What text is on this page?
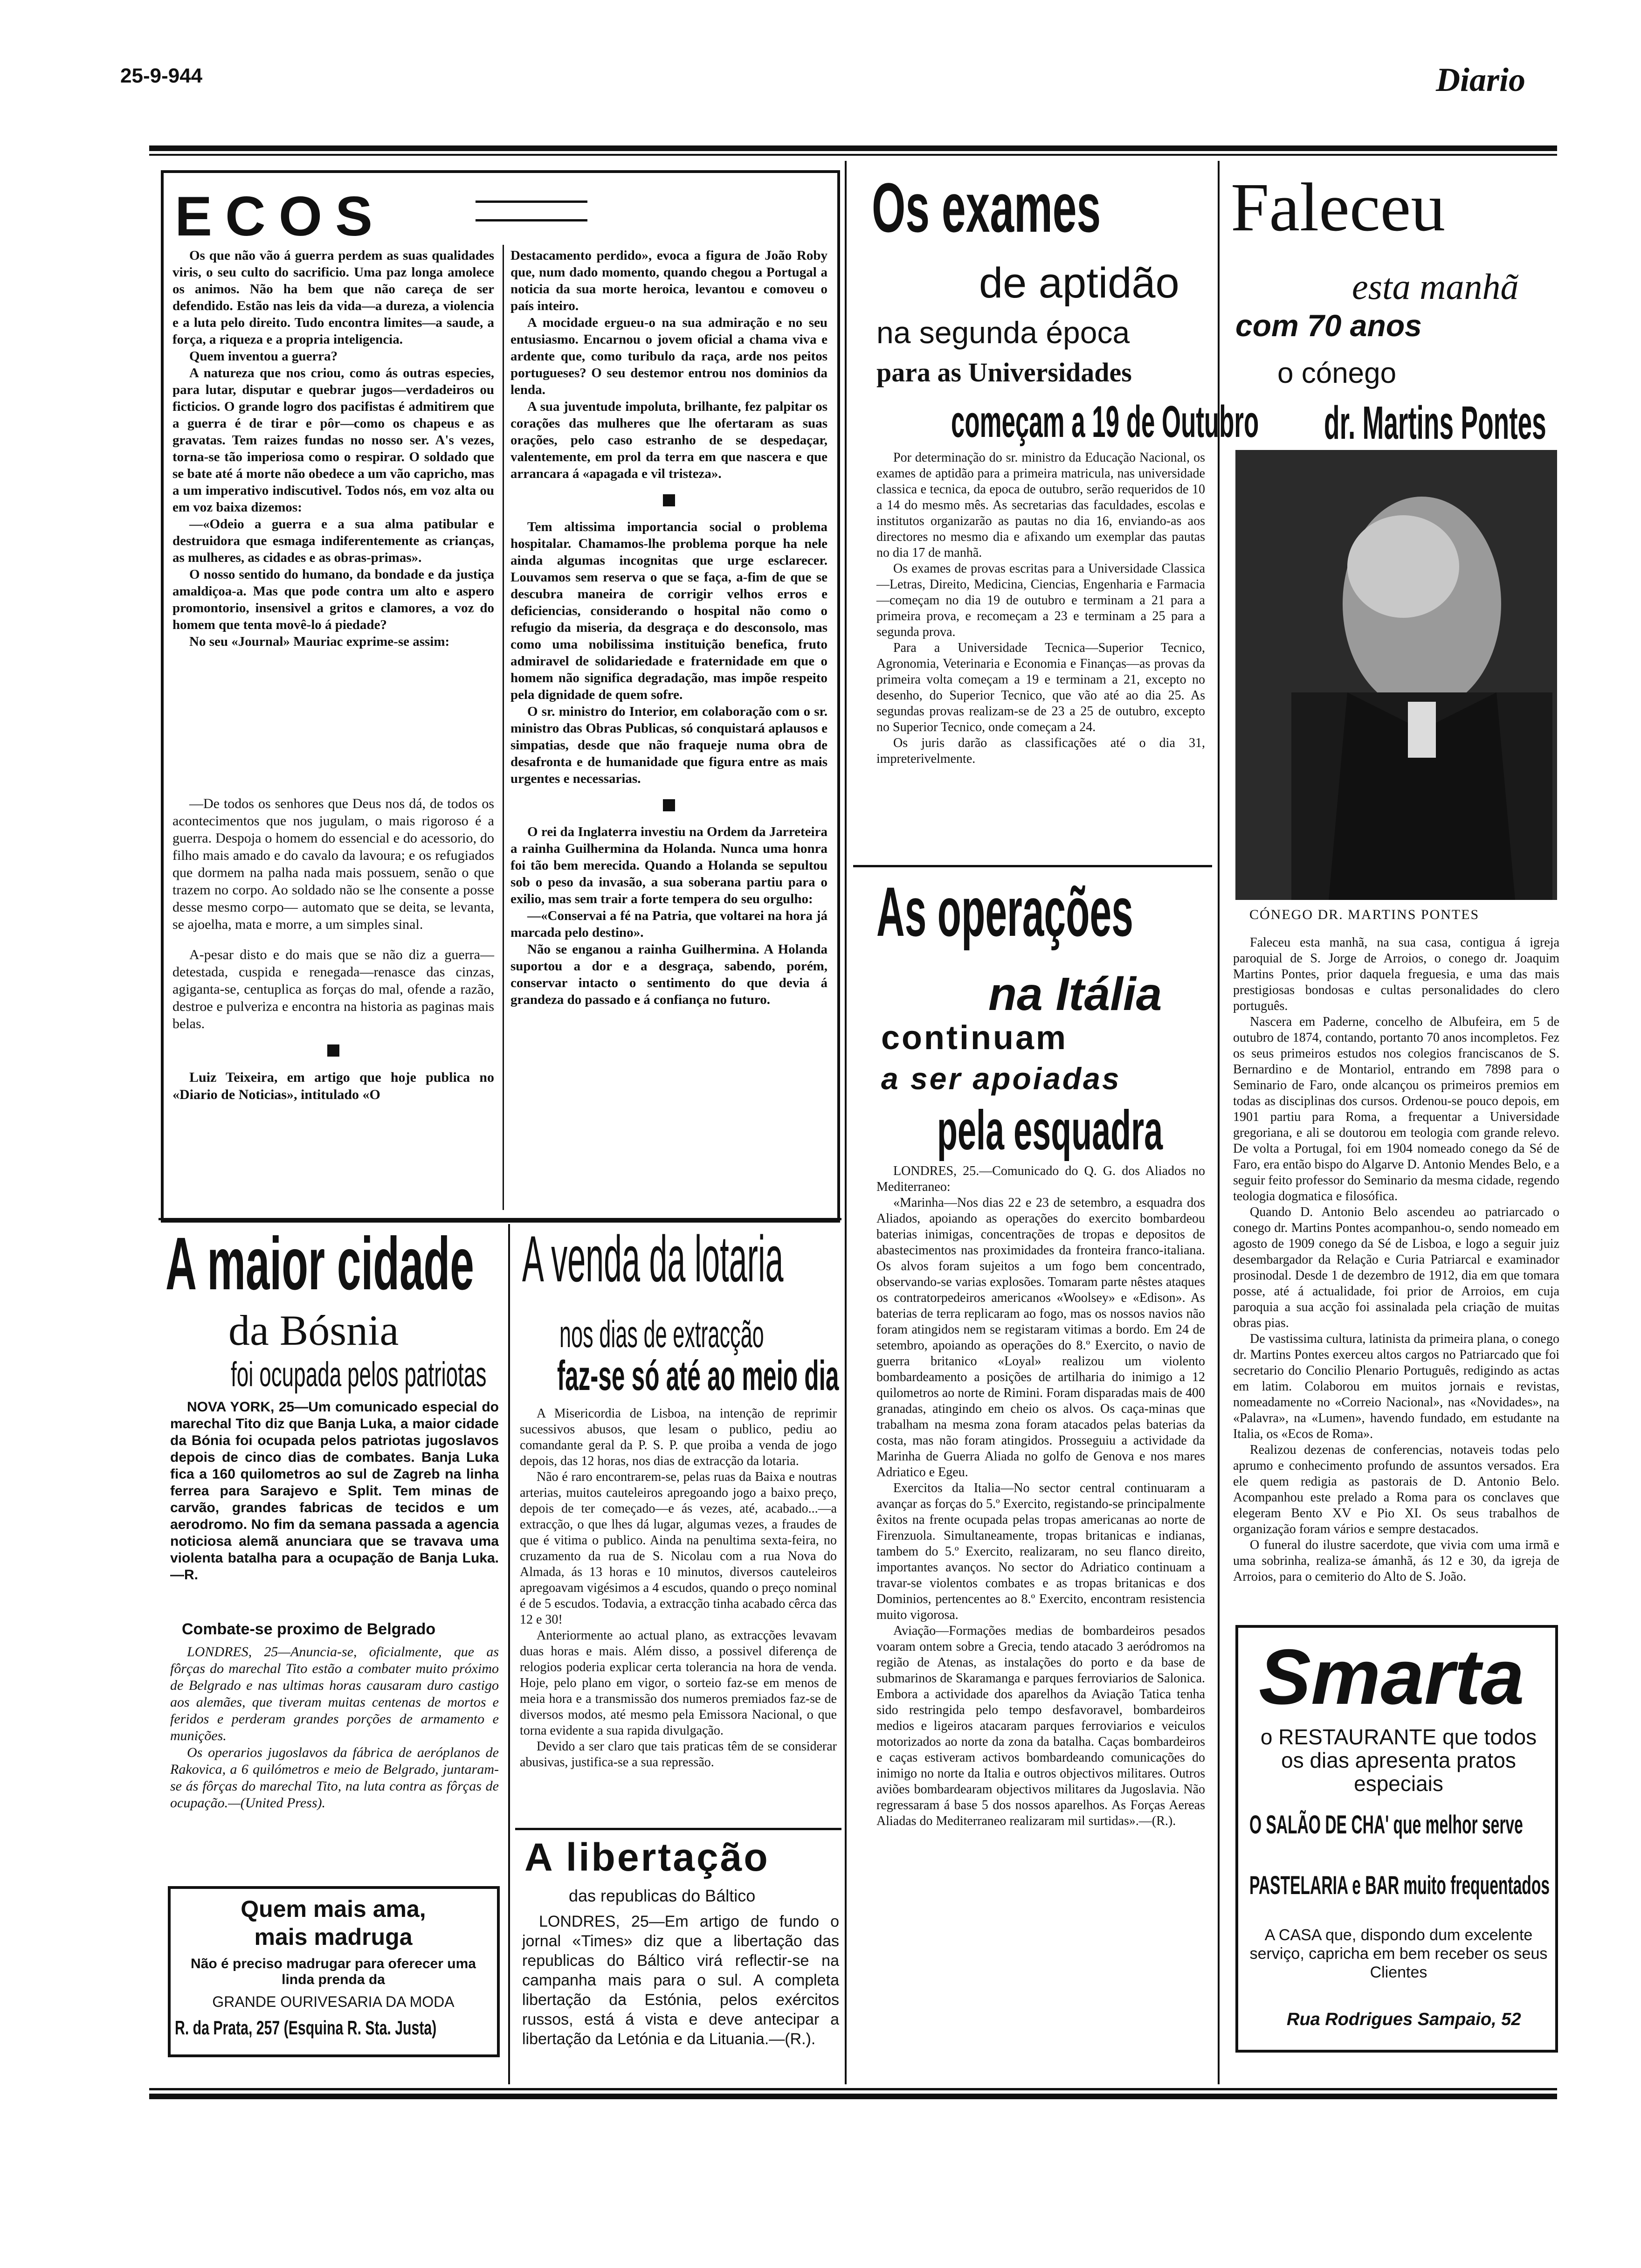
25-9-944	Diario
ECOS

Os que não vão á guerra perdem as suas qualidades viris, o seu culto do sacrificio. Uma paz longa amolece os animos. Não ha bem que não careça de ser defendido. Estão nas leis da vida—a dureza, a violencia e a luta pelo direito. Tudo encontra limites—a saude, a força, a riqueza e a propria inteligencia.

Quem inventou a guerra?

A natureza que nos criou, como ás outras especies, para lutar, disputar e quebrar jugos—verdadeiros ou ficticios. O grande logro dos pacifistas é admitirem que a guerra é de tirar e pôr—como os chapeus e as gravatas. Tem raizes fundas no nosso ser. A's vezes, torna-se tão imperiosa como o respirar. O soldado que se bate até á morte não obedece a um vão capricho, mas a um imperativo indiscutivel. Todos nós, em voz alta ou em voz baixa dizemos:

—«Odeio a guerra e a sua alma patibular e destruidora que esmaga indiferentemente as crianças, as mulheres, as cidades e as obras-primas».

O nosso sentido do humano, da bondade e da justiça amaldiçoa-a. Mas que pode contra um alto e aspero promontorio, insensivel a gritos e clamores, a voz do homem que tenta movê-lo á piedade?

No seu «Journal» Mauriac exprime-se assim:

—De todos os senhores que Deus nos dá, de todos os acontecimentos que nos jugulam, o mais rigoroso é a guerra. Despoja o homem do essencial e do acessorio, do filho mais amado e do cavalo da lavoura; e os refugiados que dormem na palha nada mais possuem, senão o que trazem no corpo. Ao soldado não se lhe consente a posse desse mesmo corpo— automato que se deita, se levanta, se ajoelha, mata e morre, a um simples sinal.

A-pesar disto e do mais que se não diz a guerra—detestada, cuspida e renegada—renasce das cinzas, agiganta-se, centuplica as forças do mal, ofende a razão, destroe e pulveriza e encontra na historia as paginas mais belas.

Luiz Teixeira, em artigo que hoje publica no «Diario de Noticias», intitulado «O

Destacamento perdido», evoca a figura de João Roby que, num dado momento, quando chegou a Portugal a noticia da sua morte heroica, levantou e comoveu o país inteiro.

A mocidade ergueu-o na sua admiração e no seu entusiasmo. Encarnou o jovem oficial a chama viva e ardente que, como turibulo da raça, arde nos peitos portugueses? O seu destemor entrou nos dominios da lenda.

A sua juventude impoluta, brilhante, fez palpitar os corações das mulheres que lhe ofertaram as suas orações, pelo caso estranho de se despedaçar, valentemente, em prol da terra em que nascera e que arrancara á «apagada e vil tristeza».

Tem altissima importancia social o problema hospitalar. Chamamos-lhe problema porque ha nele ainda algumas incognitas que urge esclarecer. Louvamos sem reserva o que se faça, a-fim de que se descubra maneira de corrigir velhos erros e deficiencias, considerando o hospital não como o refugio da miseria, da desgraça e do desconsolo, mas como uma nobilissima instituição benefica, fruto admiravel de solidariedade e fraternidade em que o homem não significa degradação, mas impõe respeito pela dignidade de quem sofre.

O sr. ministro do Interior, em colaboração com o sr. ministro das Obras Publicas, só conquistará aplausos e simpatias, desde que não fraqueje numa obra de desafronta e de humanidade que figura entre as mais urgentes e necessarias.

O rei da Inglaterra investiu na Ordem da Jarreteira a rainha Guilhermina da Holanda. Nunca uma honra foi tão bem merecida. Quando a Holanda se sepultou sob o peso da invasão, a sua soberana partiu para o exilio, mas sem trair a forte tempera do seu orgulho:

—«Conservai a fé na Patria, que voltarei na hora já marcada pelo destino».

Não se enganou a rainha Guilhermina. A Holanda suportou a dor e a desgraça, sabendo, porém, conservar intacto o sentimento do que devia á grandeza do passado e á confiança no futuro.

Os exames
de aptidão
na segunda época
para as Universidades
começam a 19 de Outubro

Por determinação do sr. ministro da Educação Nacional, os exames de aptidão para a primeira matricula, nas universidade classica e tecnica, da epoca de outubro, serão requeridos de 10 a 14 do mesmo mês. As secretarias das faculdades, escolas e institutos organizarão as pautas no dia 16, enviando-as aos directores no mesmo dia e afixando um exemplar das pautas no dia 17 de manhã.

Os exames de provas escritas para a Universidade Classica—Letras, Direito, Medicina, Ciencias, Engenharia e Farmacia—começam no dia 19 de outubro e terminam a 21 para a primeira prova, e recomeçam a 23 e terminam a 25 para a segunda prova.

Para a Universidade Tecnica—Superior Tecnico, Agronomia, Veterinaria e Economia e Finanças—as provas da primeira volta começam a 19 e terminam a 21, excepto no desenho, do Superior Tecnico, que vão até ao dia 25. As segundas provas realizam-se de 23 a 25 de outubro, excepto no Superior Tecnico, onde começam a 24.

Os juris darão as classificações até o dia 31, impreterivelmente.

As operações
na Itália
continuam
a ser apoiadas
pela esquadra

LONDRES, 25.—Comunicado do Q. G. dos Aliados no Mediterraneo:

«Marinha—Nos dias 22 e 23 de setembro, a esquadra dos Aliados, apoiando as operações do exercito bombardeou baterias inimigas, concentrações de tropas e depositos de abastecimentos nas proximidades da fronteira franco-italiana. Os alvos foram sujeitos a um fogo bem concentrado, observando-se varias explosões. Tomaram parte nêstes ataques os contratorpedeiros americanos «Woolsey» e «Edison». As baterias de terra replicaram ao fogo, mas os nossos navios não foram atingidos nem se registaram vitimas a bordo. Em 24 de setembro, apoiando as operações do 8.º Exercito, o navio de guerra britanico «Loyal» realizou um violento bombardeamento a posições de artilharia do inimigo a 12 quilometros ao norte de Rimini. Foram disparadas mais de 400 granadas, atingindo em cheio os alvos. Os caça-minas que trabalham na mesma zona foram atacados pelas baterias da costa, mas não foram atingidos. Prosseguiu a actividade da Marinha de Guerra Aliada no golfo de Genova e nos mares Adriatico e Egeu.

Exercitos da Italia—No sector central continuaram a avançar as forças do 5.º Exercito, registando-se principalmente êxitos na frente ocupada pelas tropas americanas ao norte de Firenzuola. Simultaneamente, tropas britanicas e indianas, tambem do 5.º Exercito, realizaram, no seu flanco direito, importantes avanços. No sector do Adriatico continuam a travar-se violentos combates e as tropas britanicas e dos Dominios, pertencentes ao 8.º Exercito, encontram resistencia muito vigorosa.

Aviação—Formações medias de bombardeiros pesados voaram ontem sobre a Grecia, tendo atacado 3 aeródromos na região de Atenas, as instalações do porto e da base de submarinos de Skaramanga e parques ferroviarios de Salonica. Embora a actividade dos aparelhos da Aviação Tatica tenha sido restringida pelo tempo desfavoravel, bombardeiros medios e ligeiros atacaram parques ferroviarios e veiculos motorizados ao norte da zona da batalha. Caças bombardeiros e caças estiveram activos bombardeando comunicações do inimigo no norte da Italia e outros objectivos militares. Outros aviões bombardearam objectivos militares da Jugoslavia. Não regressaram á base 5 dos nossos aparelhos. As Forças Aereas Aliadas do Mediterraneo realizaram mil surtidas».—(R.).

Faleceu
esta manhã
com 70 anos
o cónego
dr. Martins Pontes
CÓNEGO DR. MARTINS PONTES

Faleceu esta manhã, na sua casa, contigua á igreja paroquial de S. Jorge de Arroios, o conego dr. Joaquim Martins Pontes, prior daquela freguesia, e uma das mais prestigiosas bondosas e cultas personalidades do clero português.

Nascera em Paderne, concelho de Albufeira, em 5 de outubro de 1874, contando, portanto 70 anos incompletos. Fez os seus primeiros estudos nos colegios franciscanos de S. Bernardino e de Montariol, entrando em 7898 para o Seminario de Faro, onde alcançou os primeiros premios em todas as disciplinas dos cursos. Ordenou-se pouco depois, em 1901 partiu para Roma, a frequentar a Universidade gregoriana, e ali se doutorou em teologia com grande relevo. De volta a Portugal, foi em 1904 nomeado conego da Sé de Faro, era então bispo do Algarve D. Antonio Mendes Belo, e a seguir feito professor do Seminario da mesma cidade, regendo teologia dogmatica e filosófica.

Quando D. Antonio Belo ascendeu ao patriarcado o conego dr. Martins Pontes acompanhou-o, sendo nomeado em agosto de 1909 conego da Sé de Lisboa, e logo a seguir juiz desembargador da Relação e Curia Patriarcal e examinador prosinodal. Desde 1 de dezembro de 1912, dia em que tomara posse, até á actualidade, foi prior de Arroios, em cuja paroquia a sua acção foi assinalada pela criação de muitas obras pias.

De vastissima cultura, latinista da primeira plana, o conego dr. Martins Pontes exerceu altos cargos no Patriarcado que foi secretario do Concilio Plenario Português, redigindo as actas em latim. Colaborou em muitos jornais e revistas, nomeadamente no «Correio Nacional», nas «Novidades», na «Palavra», na «Lumen», havendo fundado, em estudante na Italia, os «Ecos de Roma».

Realizou dezenas de conferencias, notaveis todas pelo aprumo e conhecimento profundo de assuntos versados. Era ele quem redigia as pastorais de D. Antonio Belo. Acompanhou este prelado a Roma para os conclaves que elegeram Bento XV e Pio XI. Os seus trabalhos de organização foram vários e sempre destacados.

O funeral do ilustre sacerdote, que vivia com uma irmã e uma sobrinha, realiza-se ámanhã, ás 12 e 30, da igreja de Arroios, para o cemiterio do Alto de S. João.

Smarta
o RESTAURANTE que todos os dias apresenta pratos especiais
O SALÃO DE CHA' que melhor serve
PASTELARIA e BAR muito frequentados
A CASA que, dispondo dum excelente serviço, capricha em bem receber os seus Clientes
Rua Rodrigues Sampaio, 52
A maior cidade
da Bósnia
foi ocupada pelos patriotas

NOVA YORK, 25—Um comunicado especial do marechal Tito diz que Banja Luka, a maior cidade da Bónia foi ocupada pelos patriotas jugoslavos depois de cinco dias de combates. Banja Luka fica a 160 quilometros ao sul de Zagreb na linha ferrea para Sarajevo e Split. Tem minas de carvão, grandes fabricas de tecidos e um aerodromo. No fim da semana passada a agencia noticiosa alemã anunciara que se travava uma violenta batalha para a ocupação de Banja Luka.—R.

Combate-se proximo de Belgrado

LONDRES, 25—Anuncia-se, oficialmente, que as fôrças do marechal Tito estão a combater muito próximo de Belgrado e nas ultimas horas causaram duro castigo aos alemães, que tiveram muitas centenas de mortos e feridos e perderam grandes porções de armamento e munições.

Os operarios jugoslavos da fábrica de aeróplanos de Rakovica, a 6 quilómetros e meio de Belgrado, juntaram-se ás fôrças do marechal Tito, na luta contra as fôrças de ocupação.—(United Press).

Quem mais ama,
mais madruga
Não é preciso madrugar para oferecer uma linda prenda da
GRANDE OURIVESARIA DA MODA
R. da Prata, 257 (Esquina R. Sta. Justa)
A venda da lotaria
nos dias de extracção
faz-se só até ao meio dia

A Misericordia de Lisboa, na intenção de reprimir sucessivos abusos, que lesam o publico, pediu ao comandante geral da P. S. P. que proiba a venda de jogo depois, das 12 horas, nos dias de extracção da lotaria.

Não é raro encontrarem-se, pelas ruas da Baixa e noutras arterias, muitos cauteleiros apregoando jogo a baixo preço, depois de ter começado—e ás vezes, até, acabado...—a extracção, o que lhes dá lugar, algumas vezes, a fraudes de que é vitima o publico. Ainda na penultima sexta-feira, no cruzamento da rua de S. Nicolau com a rua Nova do Almada, ás 13 horas e 10 minutos, diversos cauteleiros apregoavam vigésimos a 4 escudos, quando o preço nominal é de 5 escudos. Todavia, a extracção tinha acabado cêrca das 12 e 30!

Anteriormente ao actual plano, as extracções levavam duas horas e mais. Além disso, a possivel diferença de relogios poderia explicar certa tolerancia na hora de venda. Hoje, pelo plano em vigor, o sorteio faz-se em menos de meia hora e a transmissão dos numeros premiados faz-se de diversos modos, até mesmo pela Emissora Nacional, o que torna evidente a sua rapida divulgação.

Devido a ser claro que tais praticas têm de se considerar abusivas, justifica-se a sua repressão.

A libertação
das republicas do Báltico

LONDRES, 25—Em artigo de fundo o jornal «Times» diz que a libertação das republicas do Báltico virá reflectir-se na campanha mais para o sul. A completa libertação da Estónia, pelos exércitos russos, está á vista e deve antecipar a libertação da Letónia e da Lituania.—(R.).
